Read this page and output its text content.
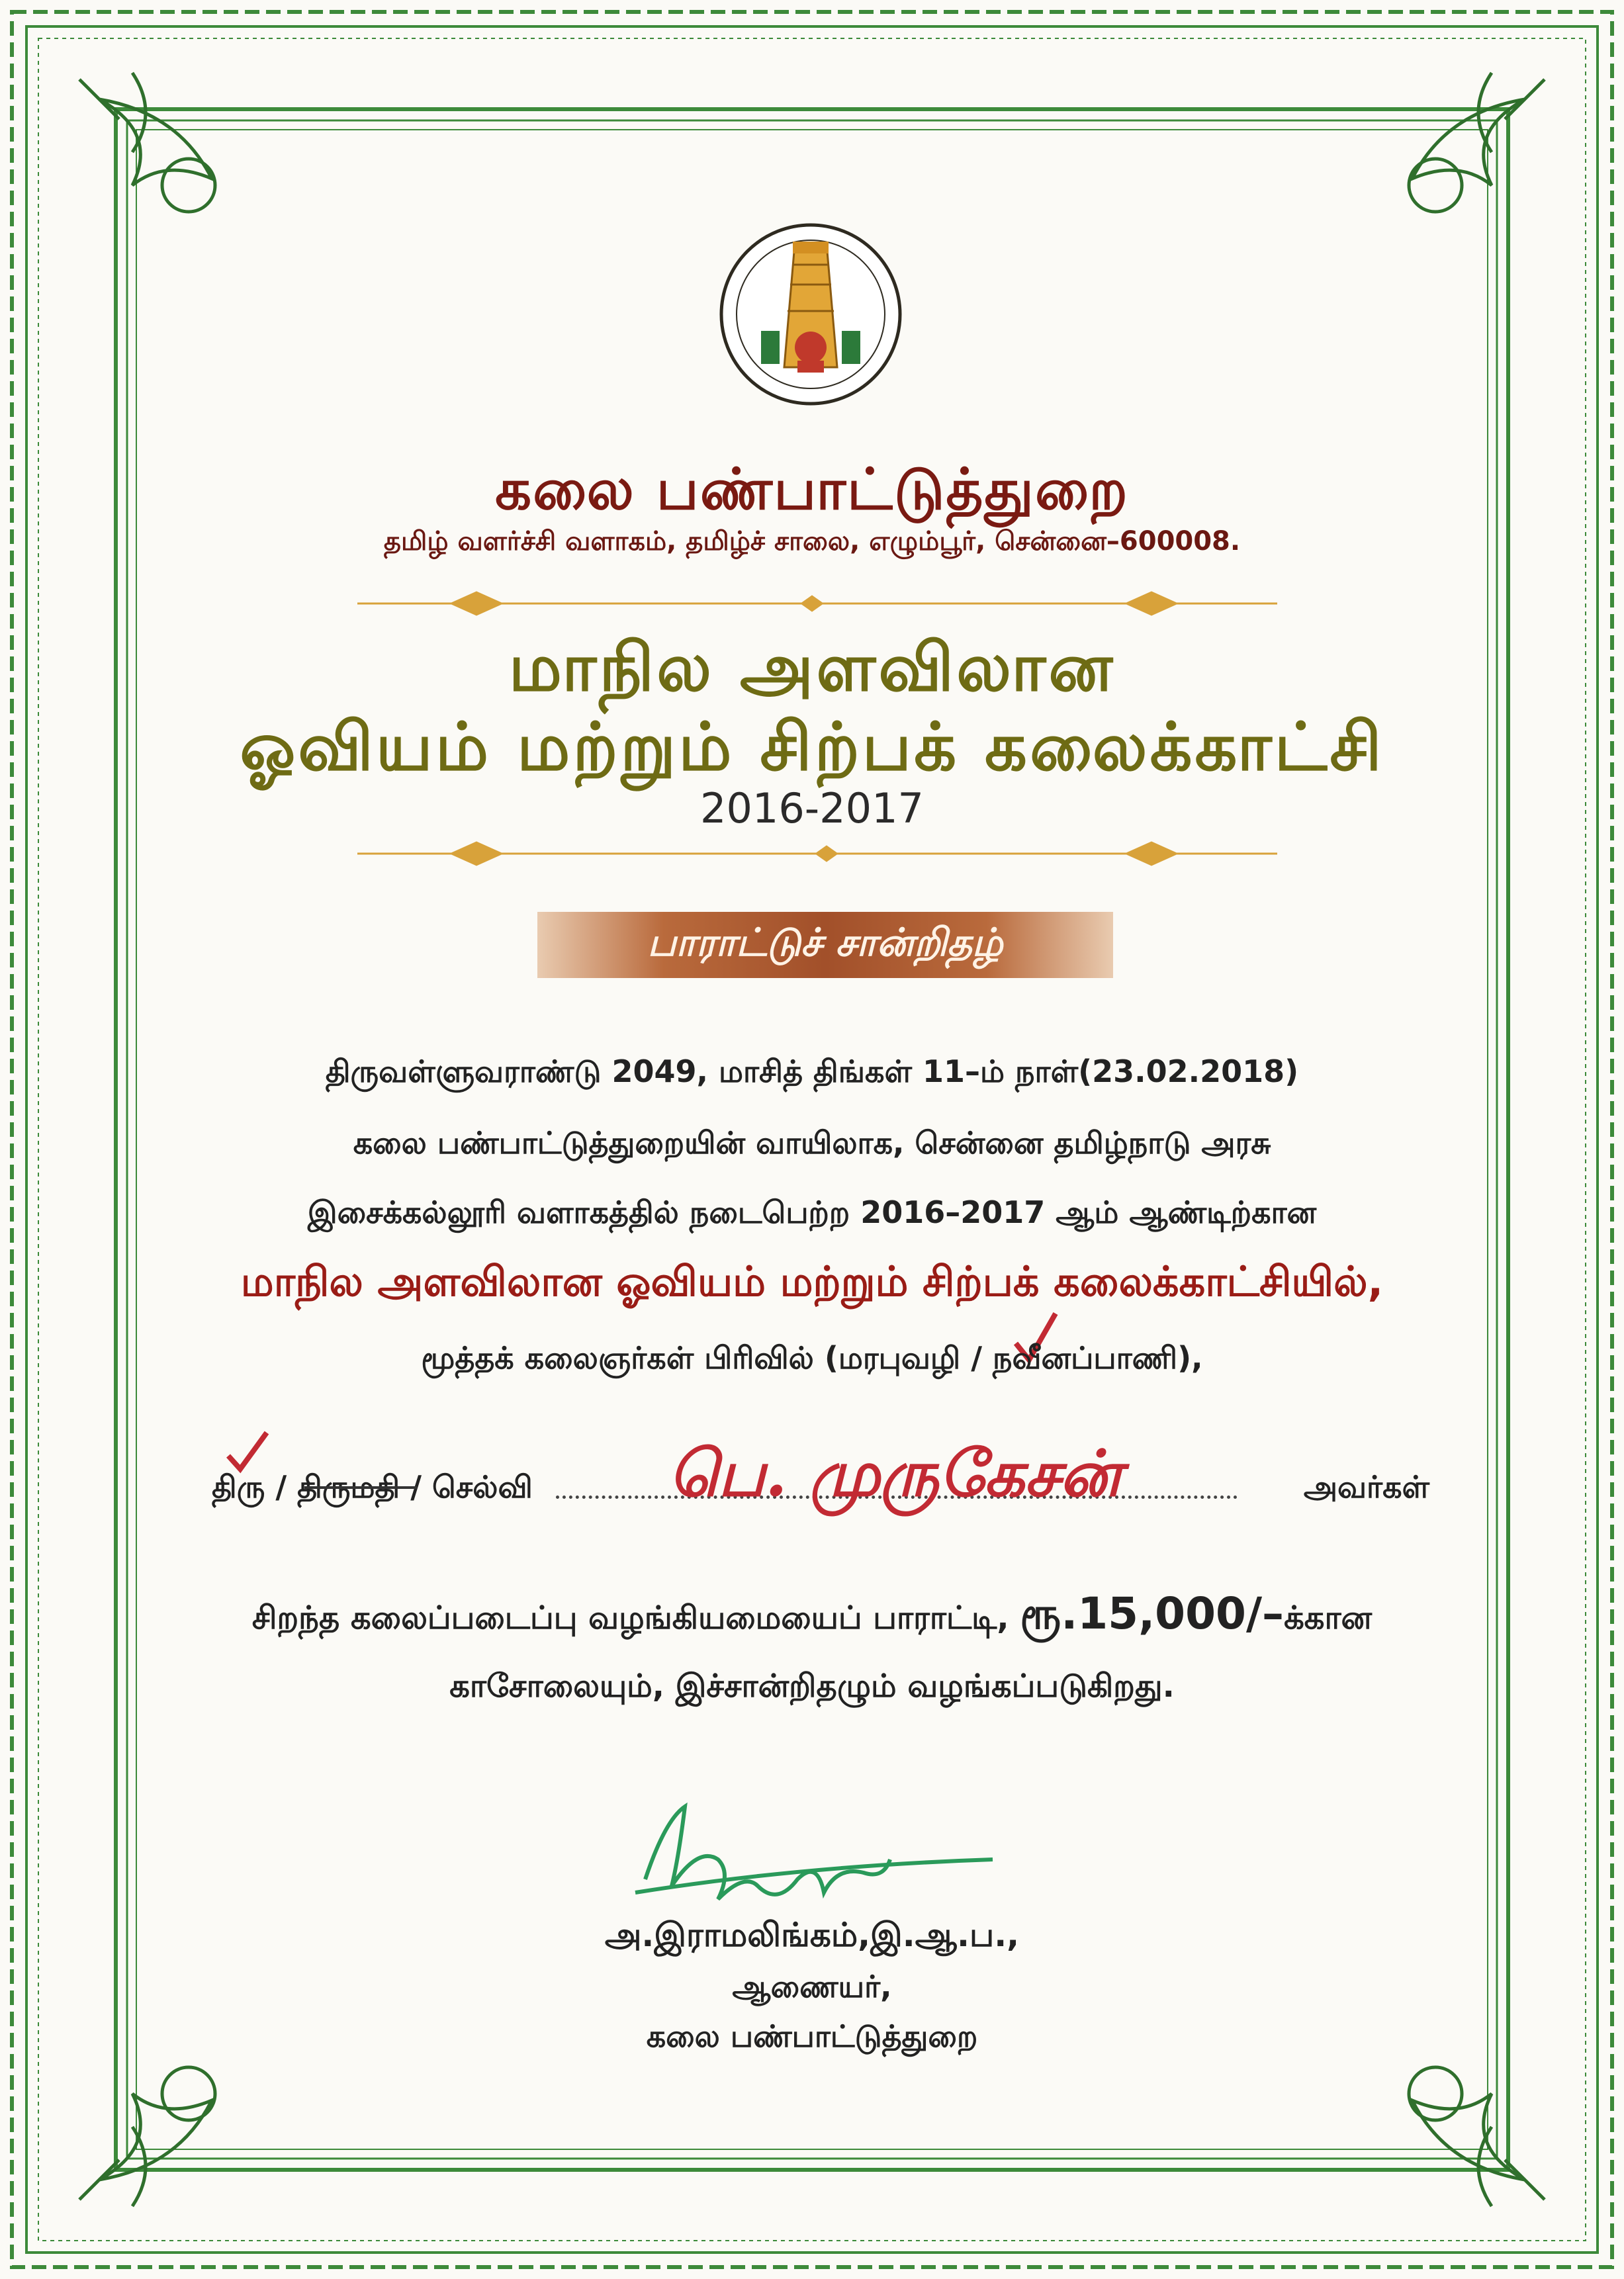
கலை பண்பாட்டுத்துறை
தமிழ் வளர்ச்சி வளாகம், தமிழ்ச் சாலை, எழும்பூர், சென்னை–600008.
மாநில அளவிலான
ஓவியம் மற்றும் சிற்பக் கலைக்காட்சி
2016-2017
பாராட்டுச் சான்றிதழ்
திருவள்ளுவராண்டு 2049, மாசித் திங்கள் 11–ம் நாள்(23.02.2018)
கலை பண்பாட்டுத்துறையின் வாயிலாக, சென்னை தமிழ்நாடு அரசு
இசைக்கல்லூரி வளாகத்தில் நடைபெற்ற 2016–2017 ஆம் ஆண்டிற்கான
மாநில அளவிலான ஓவியம் மற்றும் சிற்பக் கலைக்காட்சியில்,
மூத்தக் கலைஞர்கள் பிரிவில் (மரபுவழி / நவீனப்பாணி),
திரு / திருமதி / செல்வி பெ. முருகேசன்	அவர்கள்
சிறந்த கலைப்படைப்பு வழங்கியமையைப் பாராட்டி, ரூ.15,000/–க்கான
காசோலையும், இச்சான்றிதழும் வழங்கப்படுகிறது.
அ.இராமலிங்கம்,இ.ஆ.ப.,
ஆணையர்,
கலை பண்பாட்டுத்துறை
